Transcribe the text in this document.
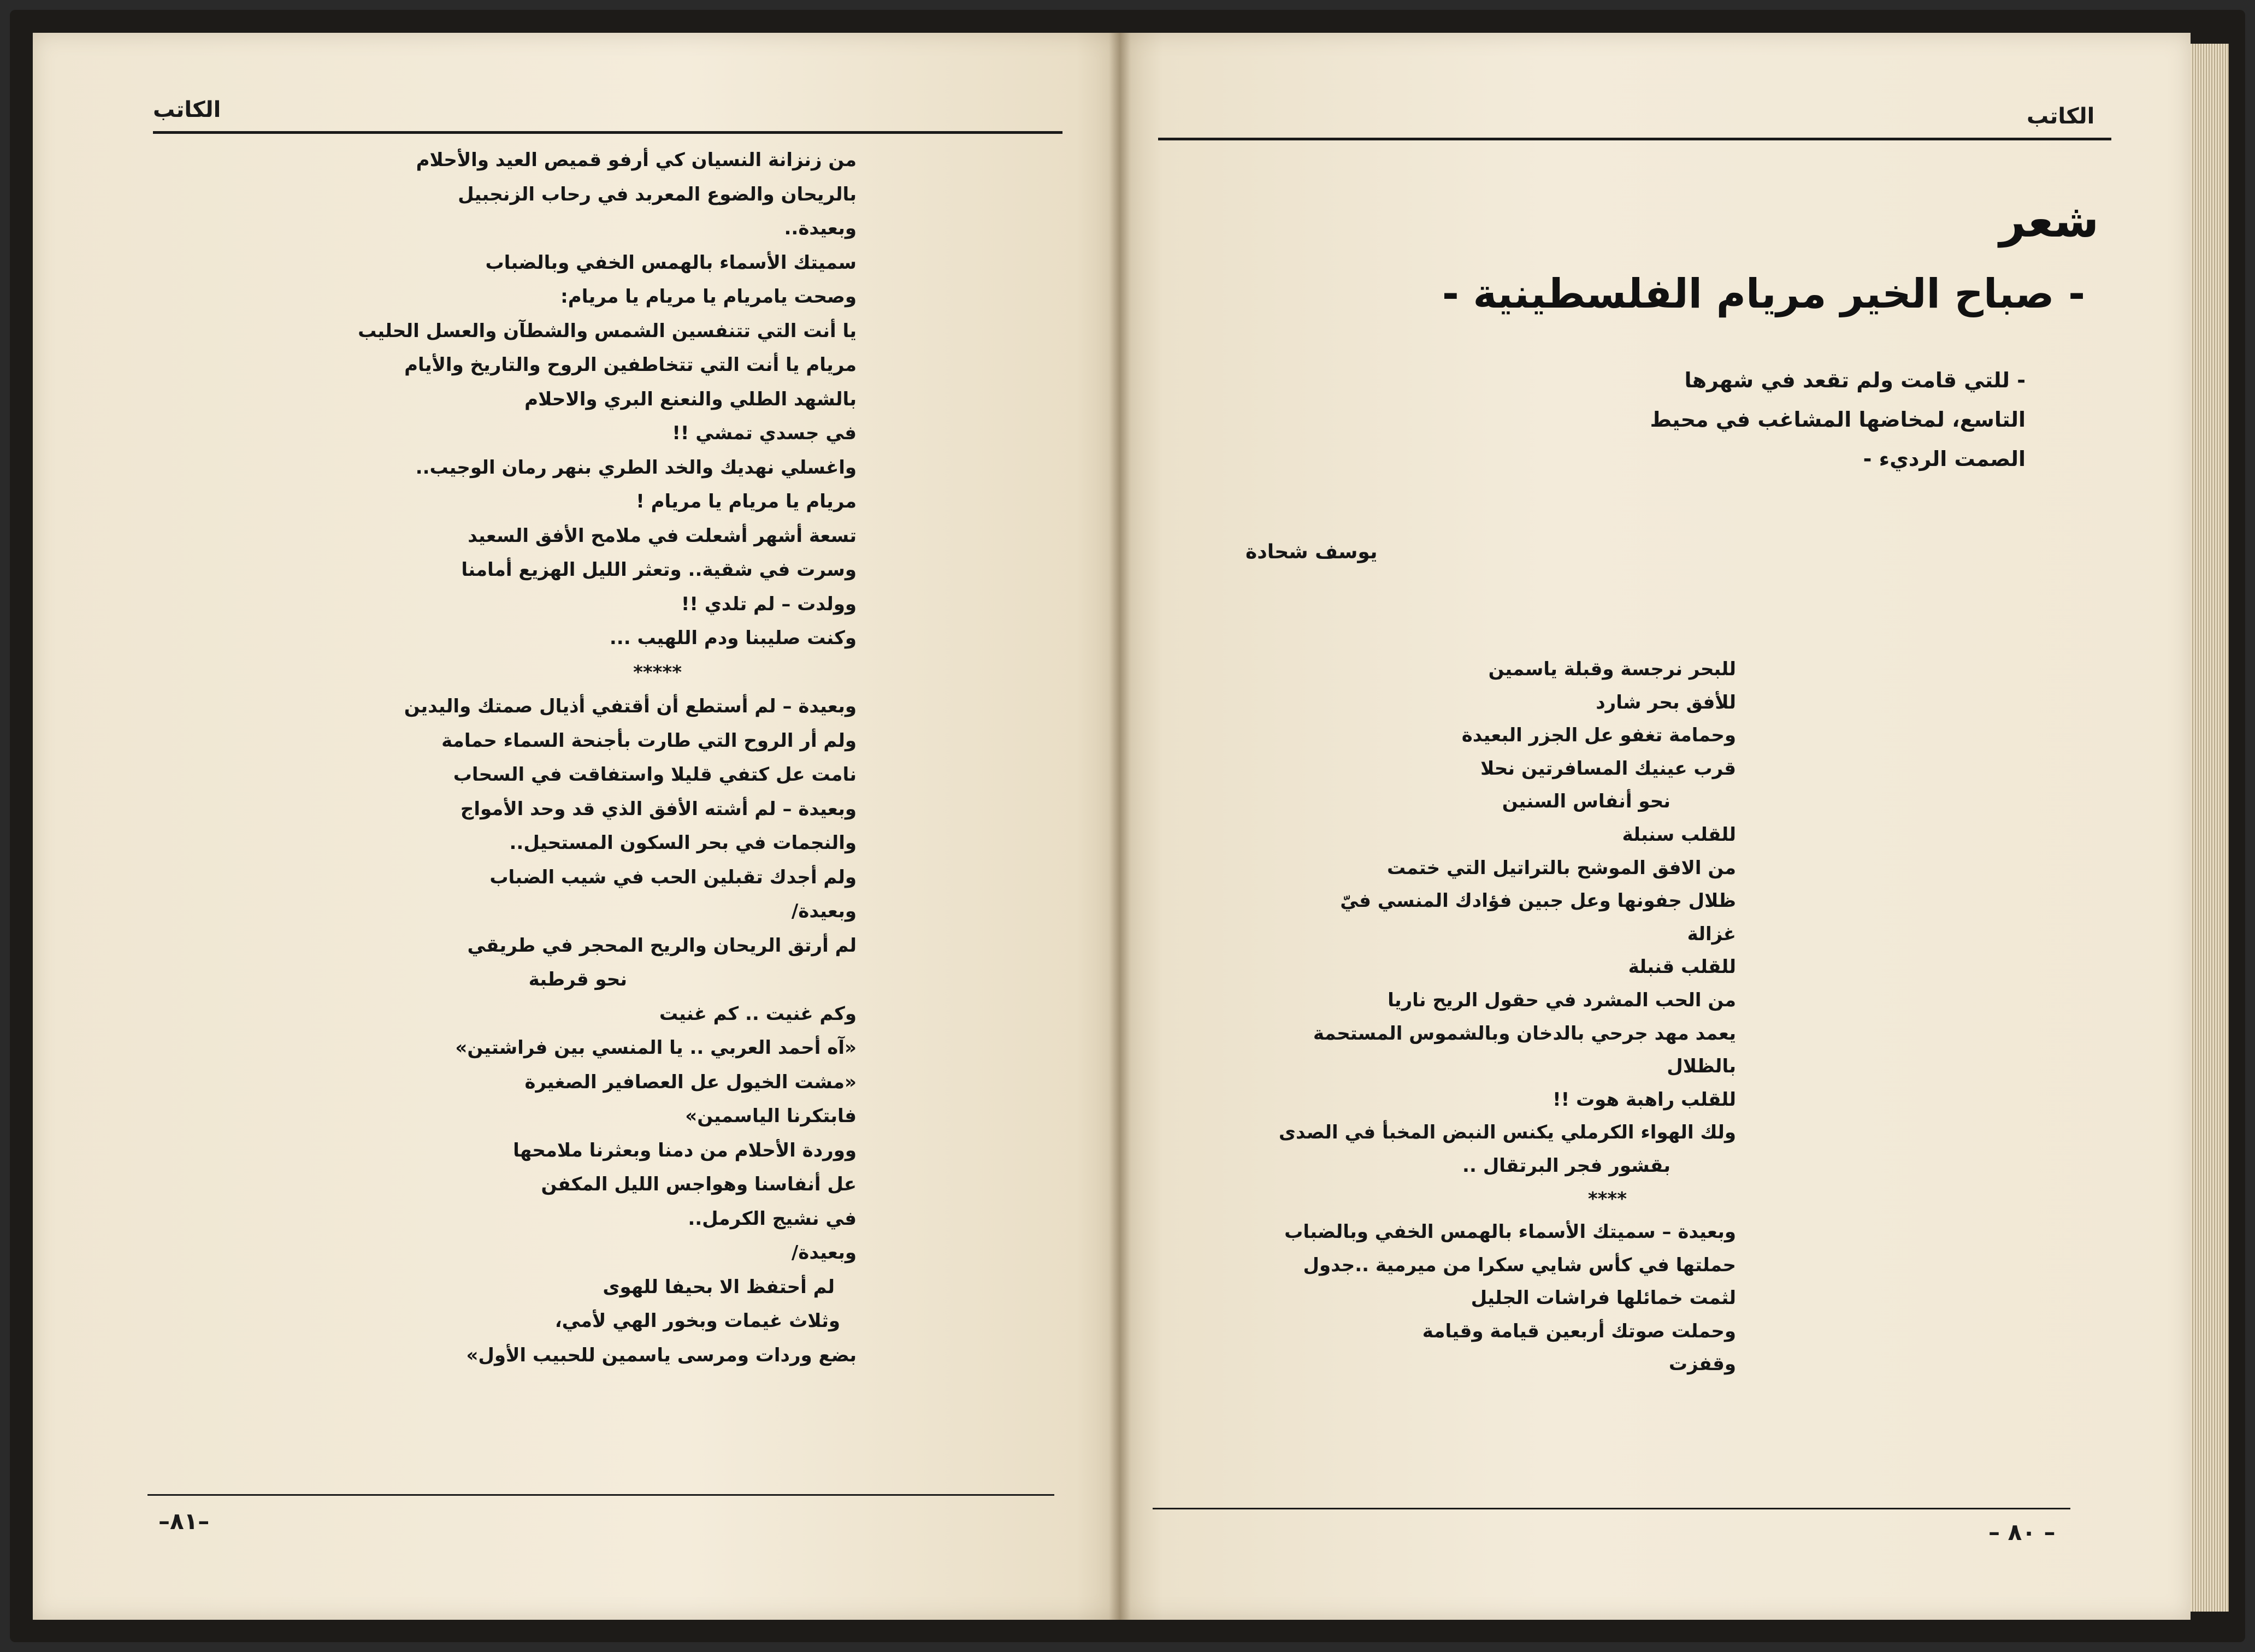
الكاتب
من زنزانة النسيان كي أرفو قميص العيد والأحلام
بالريحان والضوع المعربد في رحاب الزنجبيل
وبعيدة..
سميتك الأسماء بالهمس الخفي وبالضباب
وصحت يامريام يا مريام يا مريام:
يا أنت التي تتنفسين الشمس والشطآن والعسل الحليب
مريام يا أنت التي تتخاطفين الروح والتاريخ والأيام
بالشهد الطلي والنعنع البري والاحلام
في جسدي تمشي !!
واغسلي نهديك والخد الطري بنهر رمان الوجيب..
مريام يا مريام يا مريام !
تسعة أشهر أشعلت في ملامح الأفق السعيد
وسرت في شقية.. وتعثر الليل الهزيع أمامنا
وولدت – لم تلدي !!
وكنت صليبنا ودم اللهيب ...
*****
وبعيدة – لم أستطع أن أقتفي أذيال صمتك واليدين
ولم أر الروح التي طارت بأجنحة السماء حمامة
نامت عل كتفي قليلا واستفاقت في السحاب
وبعيدة – لم أشته الأفق الذي قد وحد الأمواج
والنجمات في بحر السكون المستحيل..
ولم أجدك تقبلين الحب في شيب الضباب
وبعيدة/
لم أرتق الريحان والريح المحجر في طريقي
نحو قرطبة
وكم غنيت .. كم غنيت
«آه أحمد العربي .. يا المنسي بين فراشتين»
«مشت الخيول عل العصافير الصغيرة
فابتكرنا الياسمين»
ووردة الأحلام من دمنا وبعثرنا ملامحها
عل أنفاسنا وهواجس الليل المكفن
في نشيج الكرمل..
وبعيدة/
لم أحتفظ الا بحيفا للهوى
وثلاث غيمات وبخور الهي لأمي،
بضع وردات ومرسى ياسمين للحبيب الأول»
–٨١–
الكاتب
شعر
- صباح الخير مريام الفلسطينية -
- للتي قامت ولم تقعد في شهرها
التاسع، لمخاضها المشاغب في محيط
الصمت الرديء -
يوسف شحادة
للبحر نرجسة وقبلة ياسمين
للأفق بحر شارد
وحمامة تغفو عل الجزر البعيدة
قرب عينيك المسافرتين نحلا
نحو أنفاس السنين
للقلب سنبلة
من الافق الموشح بالتراتيل التي ختمت
ظلال جفونها وعل جبين فؤادك المنسي فيّ
غزالة
للقلب قنبلة
من الحب المشرد في حقول الريح ناريا
يعمد مهد جرحي بالدخان وبالشموس المستحمة
بالظلال
للقلب راهبة هوت !!
ولك الهواء الكرملي يكنس النبض المخبأ في الصدى
بقشور فجر البرتقال ..
****
وبعيدة – سميتك الأسماء بالهمس الخفي وبالضباب
حملتها في كأس شايي سكرا من ميرمية ..جدول
لثمت خمائلها فراشات الجليل
وحملت صوتك أربعين قيامة وقيامة
وقفزت
– ٨٠ –
